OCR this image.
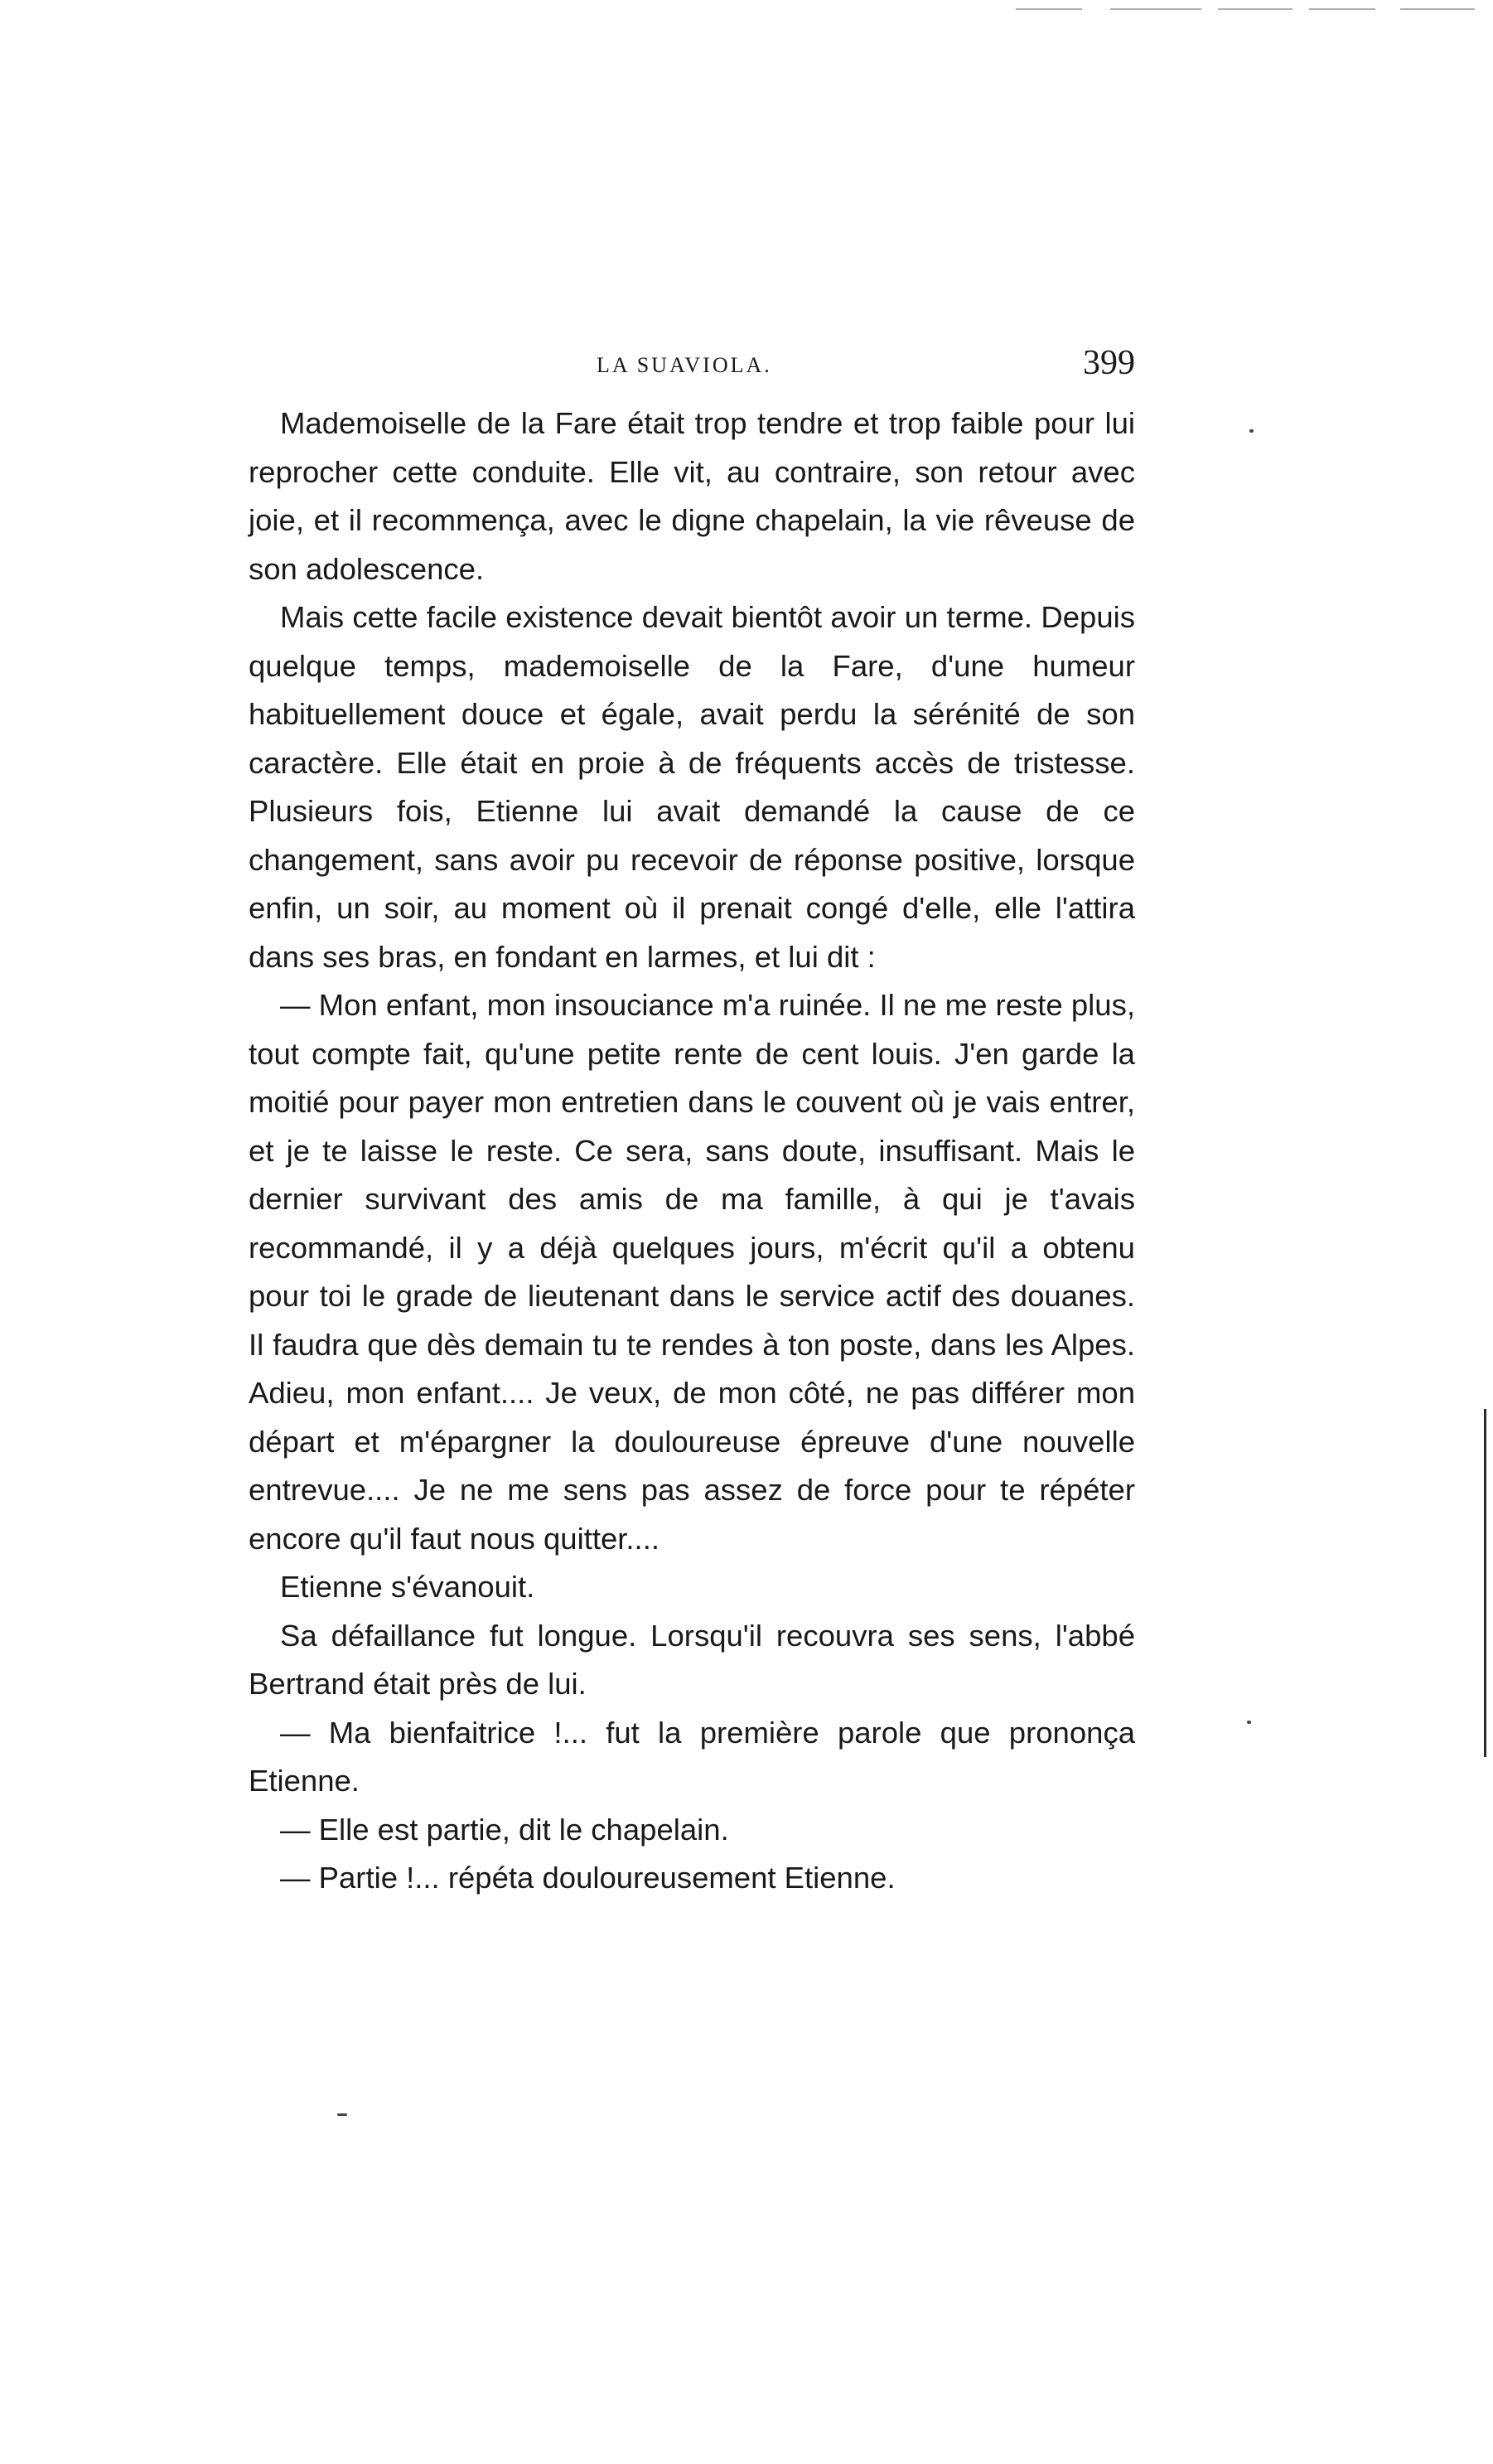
LA SUAVIOLA.	399

Mademoiselle de la Fare était trop tendre et trop faible pour lui reprocher cette conduite. Elle vit, au contraire, son retour avec joie, et il recommença, avec le digne chapelain, la vie rêveuse de son adolescence.

Mais cette facile existence devait bientôt avoir un terme. Depuis quelque temps, mademoiselle de la Fare, d'une humeur habituellement douce et égale, avait perdu la sérénité de son caractère. Elle était en proie à de fréquents accès de tristesse. Plusieurs fois, Etienne lui avait demandé la cause de ce changement, sans avoir pu recevoir de réponse positive, lorsque enfin, un soir, au moment où il prenait congé d'elle, elle l'attira dans ses bras, en fondant en larmes, et lui dit :

— Mon enfant, mon insouciance m'a ruinée. Il ne me reste plus, tout compte fait, qu'une petite rente de cent louis. J'en garde la moitié pour payer mon entretien dans le couvent où je vais entrer, et je te laisse le reste. Ce sera, sans doute, insuffisant. Mais le dernier survivant des amis de ma famille, à qui je t'avais recommandé, il y a déjà quelques jours, m'écrit qu'il a obtenu pour toi le grade de lieutenant dans le service actif des douanes. Il faudra que dès demain tu te rendes à ton poste, dans les Alpes. Adieu, mon enfant.... Je veux, de mon côté, ne pas différer mon départ et m'épargner la douloureuse épreuve d'une nouvelle entrevue.... Je ne me sens pas assez de force pour te répéter encore qu'il faut nous quitter....

Etienne s'évanouit.

Sa défaillance fut longue. Lorsqu'il recouvra ses sens, l'abbé Bertrand était près de lui.

— Ma bienfaitrice !... fut la première parole que prononça Etienne.

— Elle est partie, dit le chapelain.

— Partie !... répéta douloureusement Etienne.
